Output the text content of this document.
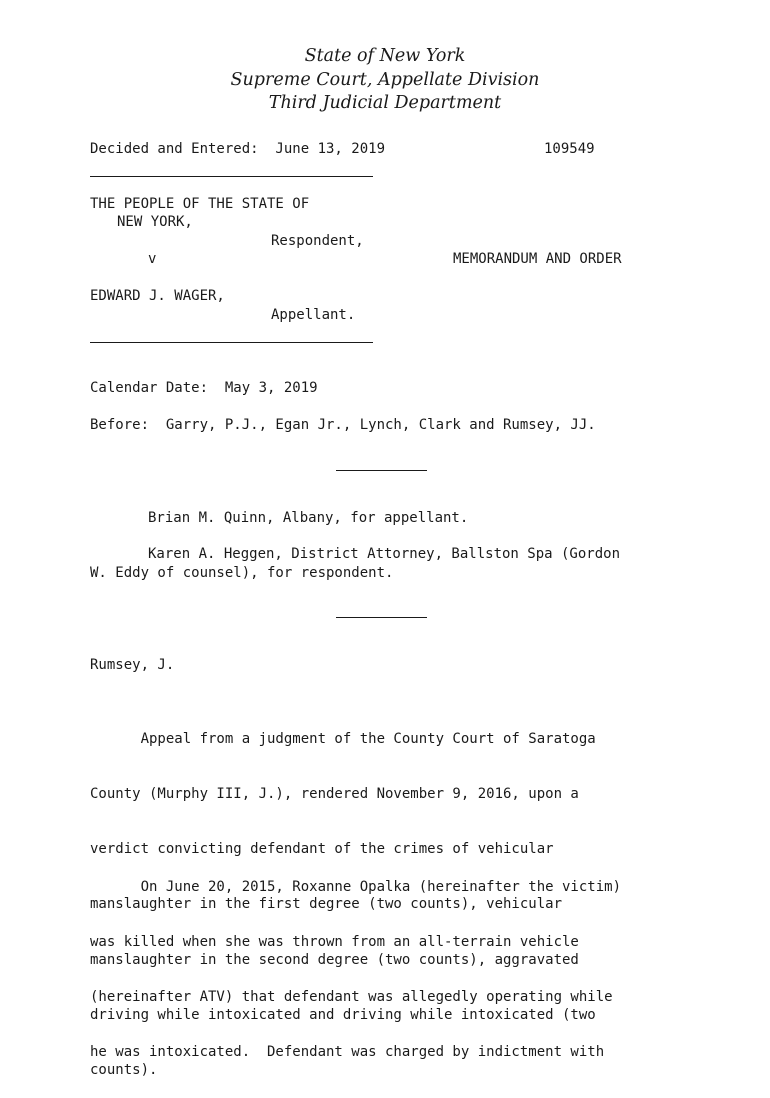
State of New York
Supreme Court, Appellate Division
Third Judicial Department
Decided and Entered:  June 13, 2019	109549
THE PEOPLE OF THE STATE OF
NEW YORK,
Respondent,
v	MEMORANDUM AND ORDER
EDWARD J. WAGER,
Appellant.
Calendar Date:  May 3, 2019
Before:  Garry, P.J., Egan Jr., Lynch, Clark and Rumsey, JJ.
Brian M. Quinn, Albany, for appellant.
Karen A. Heggen, District Attorney, Ballston Spa (Gordon
W. Eddy of counsel), for respondent.
Rumsey, J.

Appeal from a judgment of the County Court of Saratoga

County (Murphy III, J.), rendered November 9, 2016, upon a

verdict convicting defendant of the crimes of vehicular

manslaughter in the first degree (two counts), vehicular

manslaughter in the second degree (two counts), aggravated

driving while intoxicated and driving while intoxicated (two

counts).

On June 20, 2015, Roxanne Opalka (hereinafter the victim)

was killed when she was thrown from an all-terrain vehicle

(hereinafter ATV) that defendant was allegedly operating while

he was intoxicated.  Defendant was charged by indictment with
